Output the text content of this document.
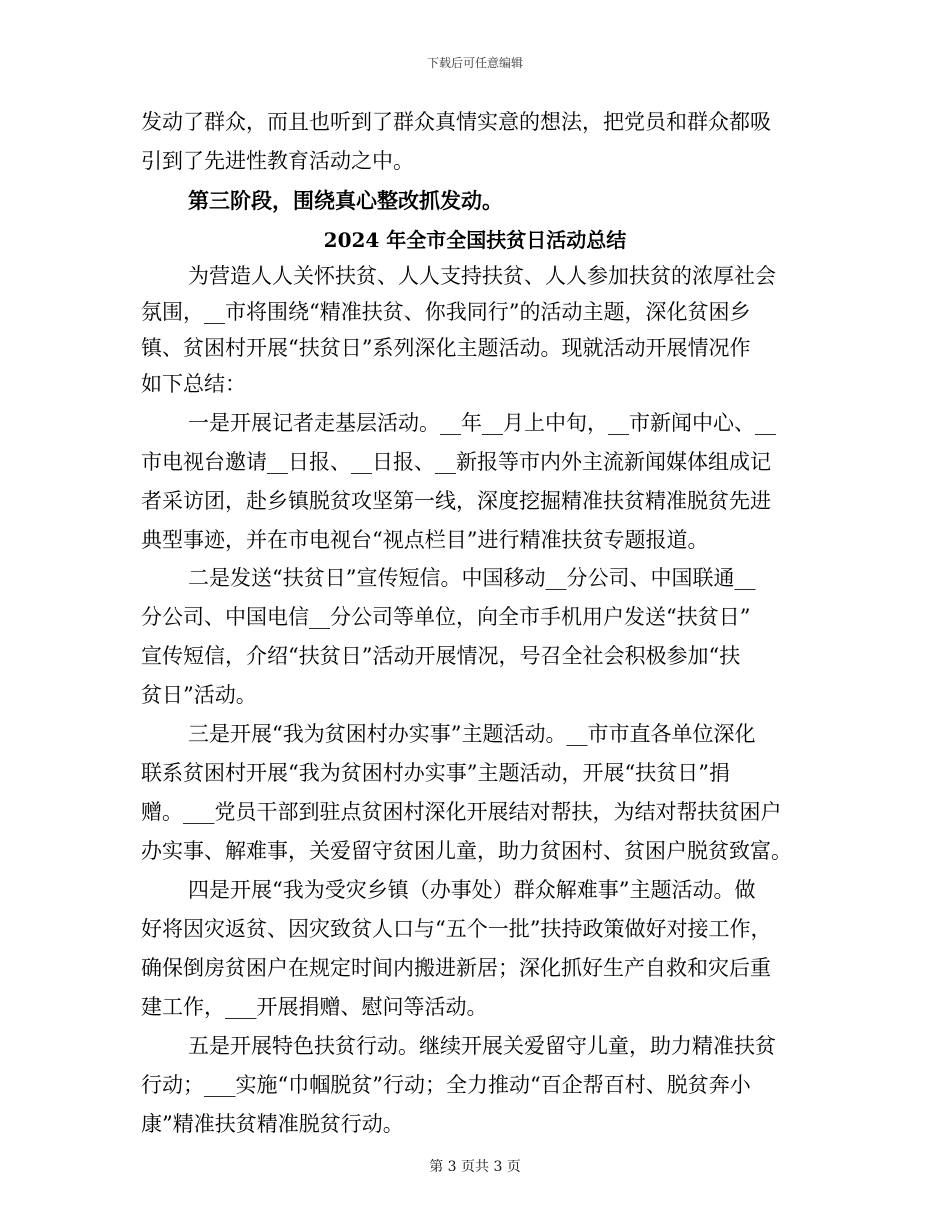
下载后可任意编辑
发动了群众，而且也听到了群众真情实意的想法，把党员和群众都吸
引到了先进性教育活动之中。
第三阶段，围绕真心整改抓发动。
2024 年全市全国扶贫日活动总结
为营造人人关怀扶贫、人人支持扶贫、人人参加扶贫的浓厚社会
氛围，__市将围绕“精准扶贫、你我同行”的活动主题，深化贫困乡
镇、贫困村开展“扶贫日”系列深化主题活动。现就活动开展情况作
如下总结：
一是开展记者走基层活动。__年__月上中旬，__市新闻中心、__
市电视台邀请__日报、__日报、__新报等市内外主流新闻媒体组成记
者采访团，赴乡镇脱贫攻坚第一线，深度挖掘精准扶贫精准脱贫先进
典型事迹，并在市电视台“视点栏目”进行精准扶贫专题报道。
二是发送“扶贫日”宣传短信。中国移动__分公司、中国联通__
分公司、中国电信__分公司等单位，向全市手机用户发送“扶贫日”
宣传短信，介绍“扶贫日”活动开展情况，号召全社会积极参加“扶
贫日”活动。
三是开展“我为贫困村办实事”主题活动。__市市直各单位深化
联系贫困村开展“我为贫困村办实事”主题活动，开展“扶贫日”捐
赠。___党员干部到驻点贫困村深化开展结对帮扶，为结对帮扶贫困户
办实事、解难事，关爱留守贫困儿童，助力贫困村、贫困户脱贫致富。
四是开展“我为受灾乡镇（办事处）群众解难事”主题活动。做
好将因灾返贫、因灾致贫人口与“五个一批”扶持政策做好对接工作，
确保倒房贫困户在规定时间内搬进新居；深化抓好生产自救和灾后重
建工作，___开展捐赠、慰问等活动。
五是开展特色扶贫行动。继续开展关爱留守儿童，助力精准扶贫
行动；___实施“巾帼脱贫”行动；全力推动“百企帮百村、脱贫奔小
康”精准扶贫精准脱贫行动。
第 3 页共 3 页
